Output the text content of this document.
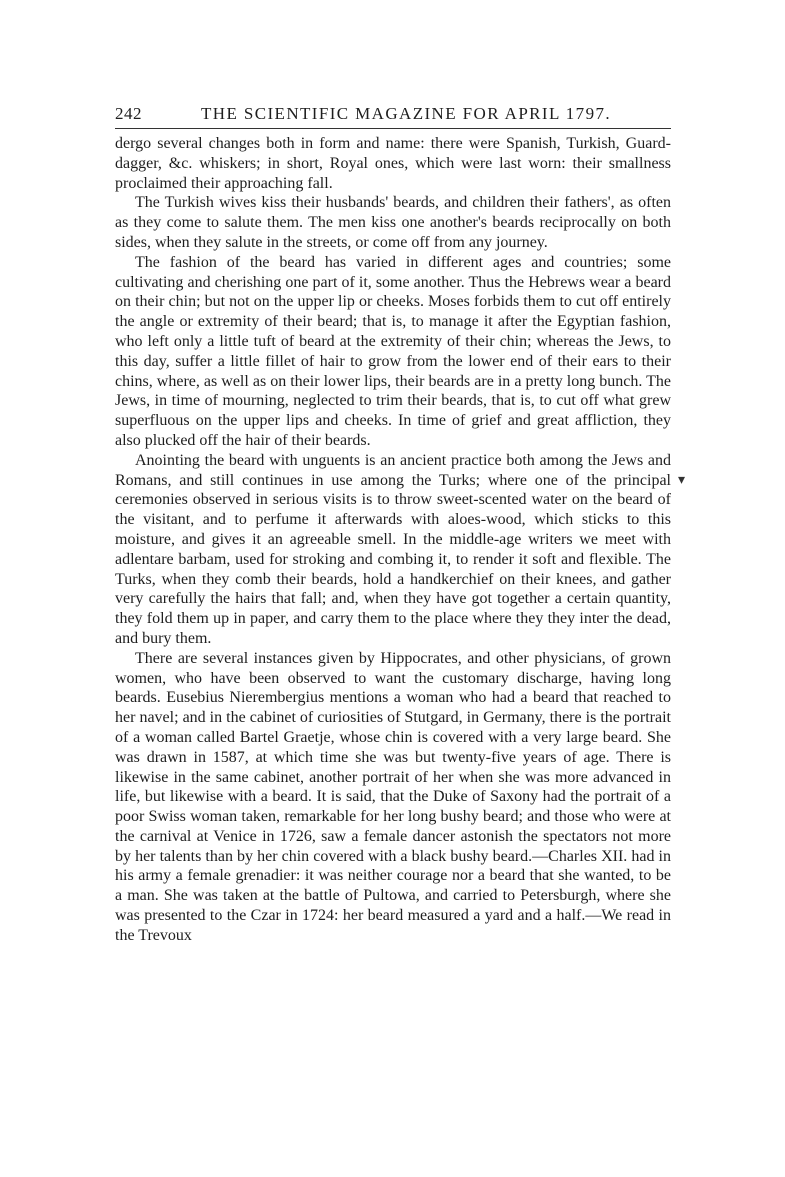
242	THE SCIENTIFIC MAGAZINE FOR APRIL 1797.

dergo several changes both in form and name: there were Spanish, Turkish, Guard-dagger, &c. whiskers; in short, Royal ones, which were last worn: their smallness proclaimed their approaching fall.

The Turkish wives kiss their husbands' beards, and children their fathers', as often as they come to salute them. The men kiss one another's beards reciprocally on both sides, when they salute in the streets, or come off from any journey.

The fashion of the beard has varied in different ages and countries; some cultivating and cherishing one part of it, some another. Thus the Hebrews wear a beard on their chin; but not on the upper lip or cheeks. Moses forbids them to cut off entirely the angle or extremity of their beard; that is, to manage it after the Egyptian fashion, who left only a little tuft of beard at the extremity of their chin; whereas the Jews, to this day, suffer a little fillet of hair to grow from the lower end of their ears to their chins, where, as well as on their lower lips, their beards are in a pretty long bunch. The Jews, in time of mourning, neglected to trim their beards, that is, to cut off what grew superfluous on the upper lips and cheeks. In time of grief and great affliction, they also plucked off the hair of their beards.

Anointing the beard with unguents is an ancient practice both among the Jews and Romans, and still continues in use among the Turks; where one of the principal ceremonies observed in serious visits is to throw sweet-scented water on the beard of the visitant, and to perfume it afterwards with aloes-wood, which sticks to this moisture, and gives it an agreeable smell. In the middle-age writers we meet with adlentare barbam, used for stroking and combing it, to render it soft and flexible. The Turks, when they comb their beards, hold a handkerchief on their knees, and gather very carefully the hairs that fall; and, when they have got together a certain quantity, they fold them up in paper, and carry them to the place where they they inter the dead, and bury them.

There are several instances given by Hippocrates, and other physicians, of grown women, who have been observed to want the customary discharge, having long beards. Eusebius Nierembergius mentions a woman who had a beard that reached to her navel; and in the cabinet of curiosities of Stutgard, in Germany, there is the portrait of a woman called Bartel Graetje, whose chin is covered with a very large beard. She was drawn in 1587, at which time she was but twenty-five years of age. There is likewise in the same cabinet, another portrait of her when she was more advanced in life, but likewise with a beard. It is said, that the Duke of Saxony had the portrait of a poor Swiss woman taken, remarkable for her long bushy beard; and those who were at the carnival at Venice in 1726, saw a female dancer astonish the spectators not more by her talents than by her chin covered with a black bushy beard.—Charles XII. had in his army a female grenadier: it was neither courage nor a beard that she wanted, to be a man. She was taken at the battle of Pultowa, and carried to Petersburgh, where she was presented to the Czar in 1724: her beard measured a yard and a half.—We read in the Trevoux

▾
